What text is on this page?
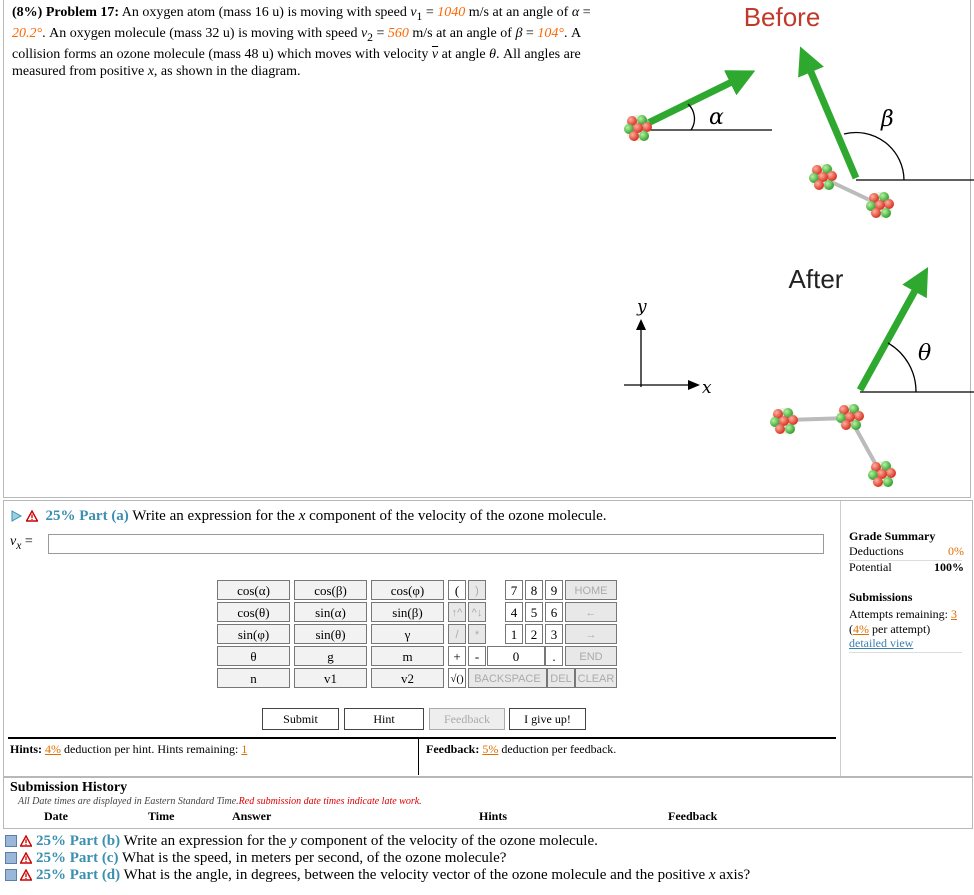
(8%) Problem 17: An oxygen atom (mass 16 u) is moving with speed $v_1 = 1040$ m/s at an angle of α = 20.2°. An oxygen molecule (mass 32 u) is moving with speed $v_2 = 560$ m/s at an angle of β = 104°. A collision forms an ozone molecule (mass 48 u) which moves with velocity $\overline{v}$ at angle θ. All angles are measured from positive x, as shown in the diagram.
Before
α	β
After
y
x
θ
25% Part (a) Write an expression for the x component of the velocity of the ozone molecule.
$v_x$ =
cos(α)	cos(β)	cos(φ)
cos(θ)	sin(α)	sin(β)
sin(φ)	sin(θ)	γ
θ	g	m
n	v1	v2
(	)
↑^ ^↓
/	*
+	-
√()
7	8	9
4	5	6
1	2	3
0	.
HOME
←
→
END
BACKSPACE DEL CLEAR
Submit	Hint	Feedback	I give up!
Hints: 4% deduction per hint. Hints remaining: 1	Feedback: 5% deduction per feedback.
Grade Summary
Deductions	0%
Potential	100%
Submissions
Attempts remaining: 3
(4% per attempt)
detailed view
Submission History
All Date times are displayed in Eastern Standard Time.Red submission date times indicate late work.
Date	Time	Answer	Hints	Feedback
25% Part (b) Write an expression for the y component of the velocity of the ozone molecule.
25% Part (c) What is the speed, in meters per second, of the ozone molecule?
25% Part (d) What is the angle, in degrees, between the velocity vector of the ozone molecule and the positive x axis?
